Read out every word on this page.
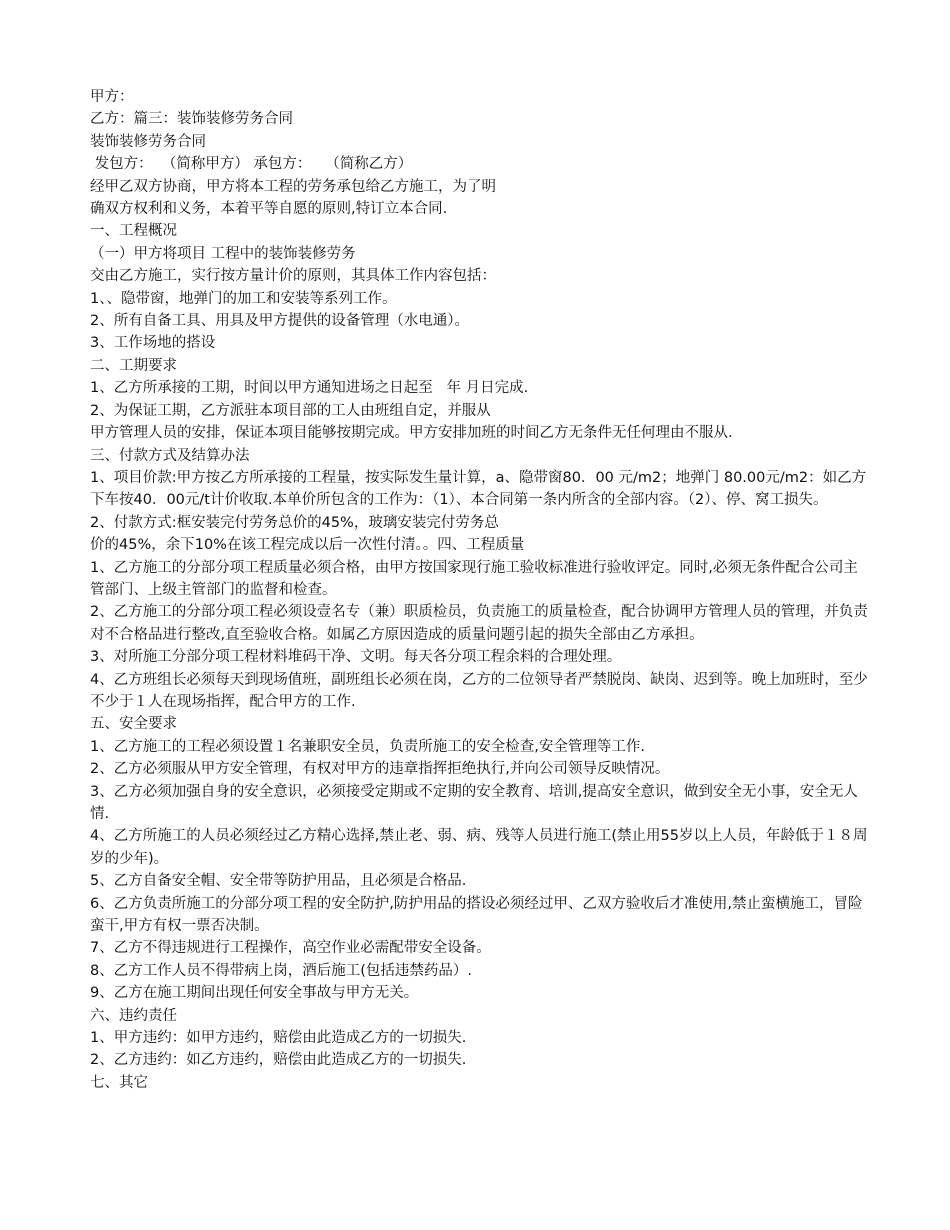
甲方：
乙方：篇三：装饰装修劳务合同
装饰装修劳务合同
发包方：  （简称甲方） 承包方：   （简称乙方）
经甲乙双方协商，甲方将本工程的劳务承包给乙方施工，为了明
确双方权利和义务，本着平等自愿的原则,特订立本合同.
一、工程概况
（一）甲方将项目 工程中的装饰装修劳务
交由乙方施工，实行按方量计价的原则，其具体工作内容包括：
1、、隐带窗，地弹门的加工和安装等系列工作。
2、所有自备工具、用具及甲方提供的设备管理（水电通）。
3、工作场地的搭设
二、工期要求
1、乙方所承接的工期，时间以甲方通知进场之日起至   年 月日完成.
2、为保证工期，乙方派驻本项目部的工人由班组自定，并服从
甲方管理人员的安排，保证本项目能够按期完成。甲方安排加班的时间乙方无条件无任何理由不服从.
三、付款方式及结算办法
1、项目价款:甲方按乙方所承接的工程量，按实际发生量计算，a、隐带窗80．00 元/m2；地弹门 80.00元/m2：如乙方下车按40．00元/t计价收取.本单价所包含的工作为：（1）、本合同第一条内所含的全部内容。（2）、停、窝工损失。
2、付款方式:框安装完付劳务总价的45%，玻璃安装完付劳务总
价的45%，余下10%在该工程完成以后一次性付清。。四、工程质量
1、乙方施工的分部分项工程质量必须合格，由甲方按国家现行施工验收标准进行验收评定。同时,必须无条件配合公司主管部门、上级主管部门的监督和检查。
2、乙方施工的分部分项工程必须设壹名专（兼）职质检员，负责施工的质量检查，配合协调甲方管理人员的管理，并负责对不合格品进行整改,直至验收合格。如属乙方原因造成的质量问题引起的损失全部由乙方承担。
3、对所施工分部分项工程材料堆码干净、文明。每天各分项工程余料的合理处理。
4、乙方班组长必须每天到现场值班，副班组长必须在岗，乙方的二位领导者严禁脱岗、缺岗、迟到等。晚上加班时，至少不少于１人在现场指挥，配合甲方的工作.
五、安全要求
1、乙方施工的工程必须设置１名兼职安全员，负责所施工的安全检查,安全管理等工作.
2、乙方必须服从甲方安全管理，有权对甲方的违章指挥拒绝执行,并向公司领导反映情况。
3、乙方必须加强自身的安全意识，必须接受定期或不定期的安全教育、培训,提高安全意识，做到安全无小事，安全无人情.
4、乙方所施工的人员必须经过乙方精心选择,禁止老、弱、病、残等人员进行施工(禁止用55岁以上人员，年龄低于１８周岁的少年)。
5、乙方自备安全帽、安全带等防护用品，且必须是合格品.
6、乙方负责所施工的分部分项工程的安全防护,防护用品的搭设必须经过甲、乙双方验收后才准使用,禁止蛮横施工，冒险蛮干,甲方有权一票否决制。
7、乙方不得违规进行工程操作，高空作业必需配带安全设备。
8、乙方工作人员不得带病上岗，酒后施工(包括违禁药品）.
9、乙方在施工期间出现任何安全事故与甲方无关。
六、违约责任
1、甲方违约：如甲方违约，赔偿由此造成乙方的一切损失.
2、乙方违约：如乙方违约，赔偿由此造成乙方的一切损失.
七、其它
